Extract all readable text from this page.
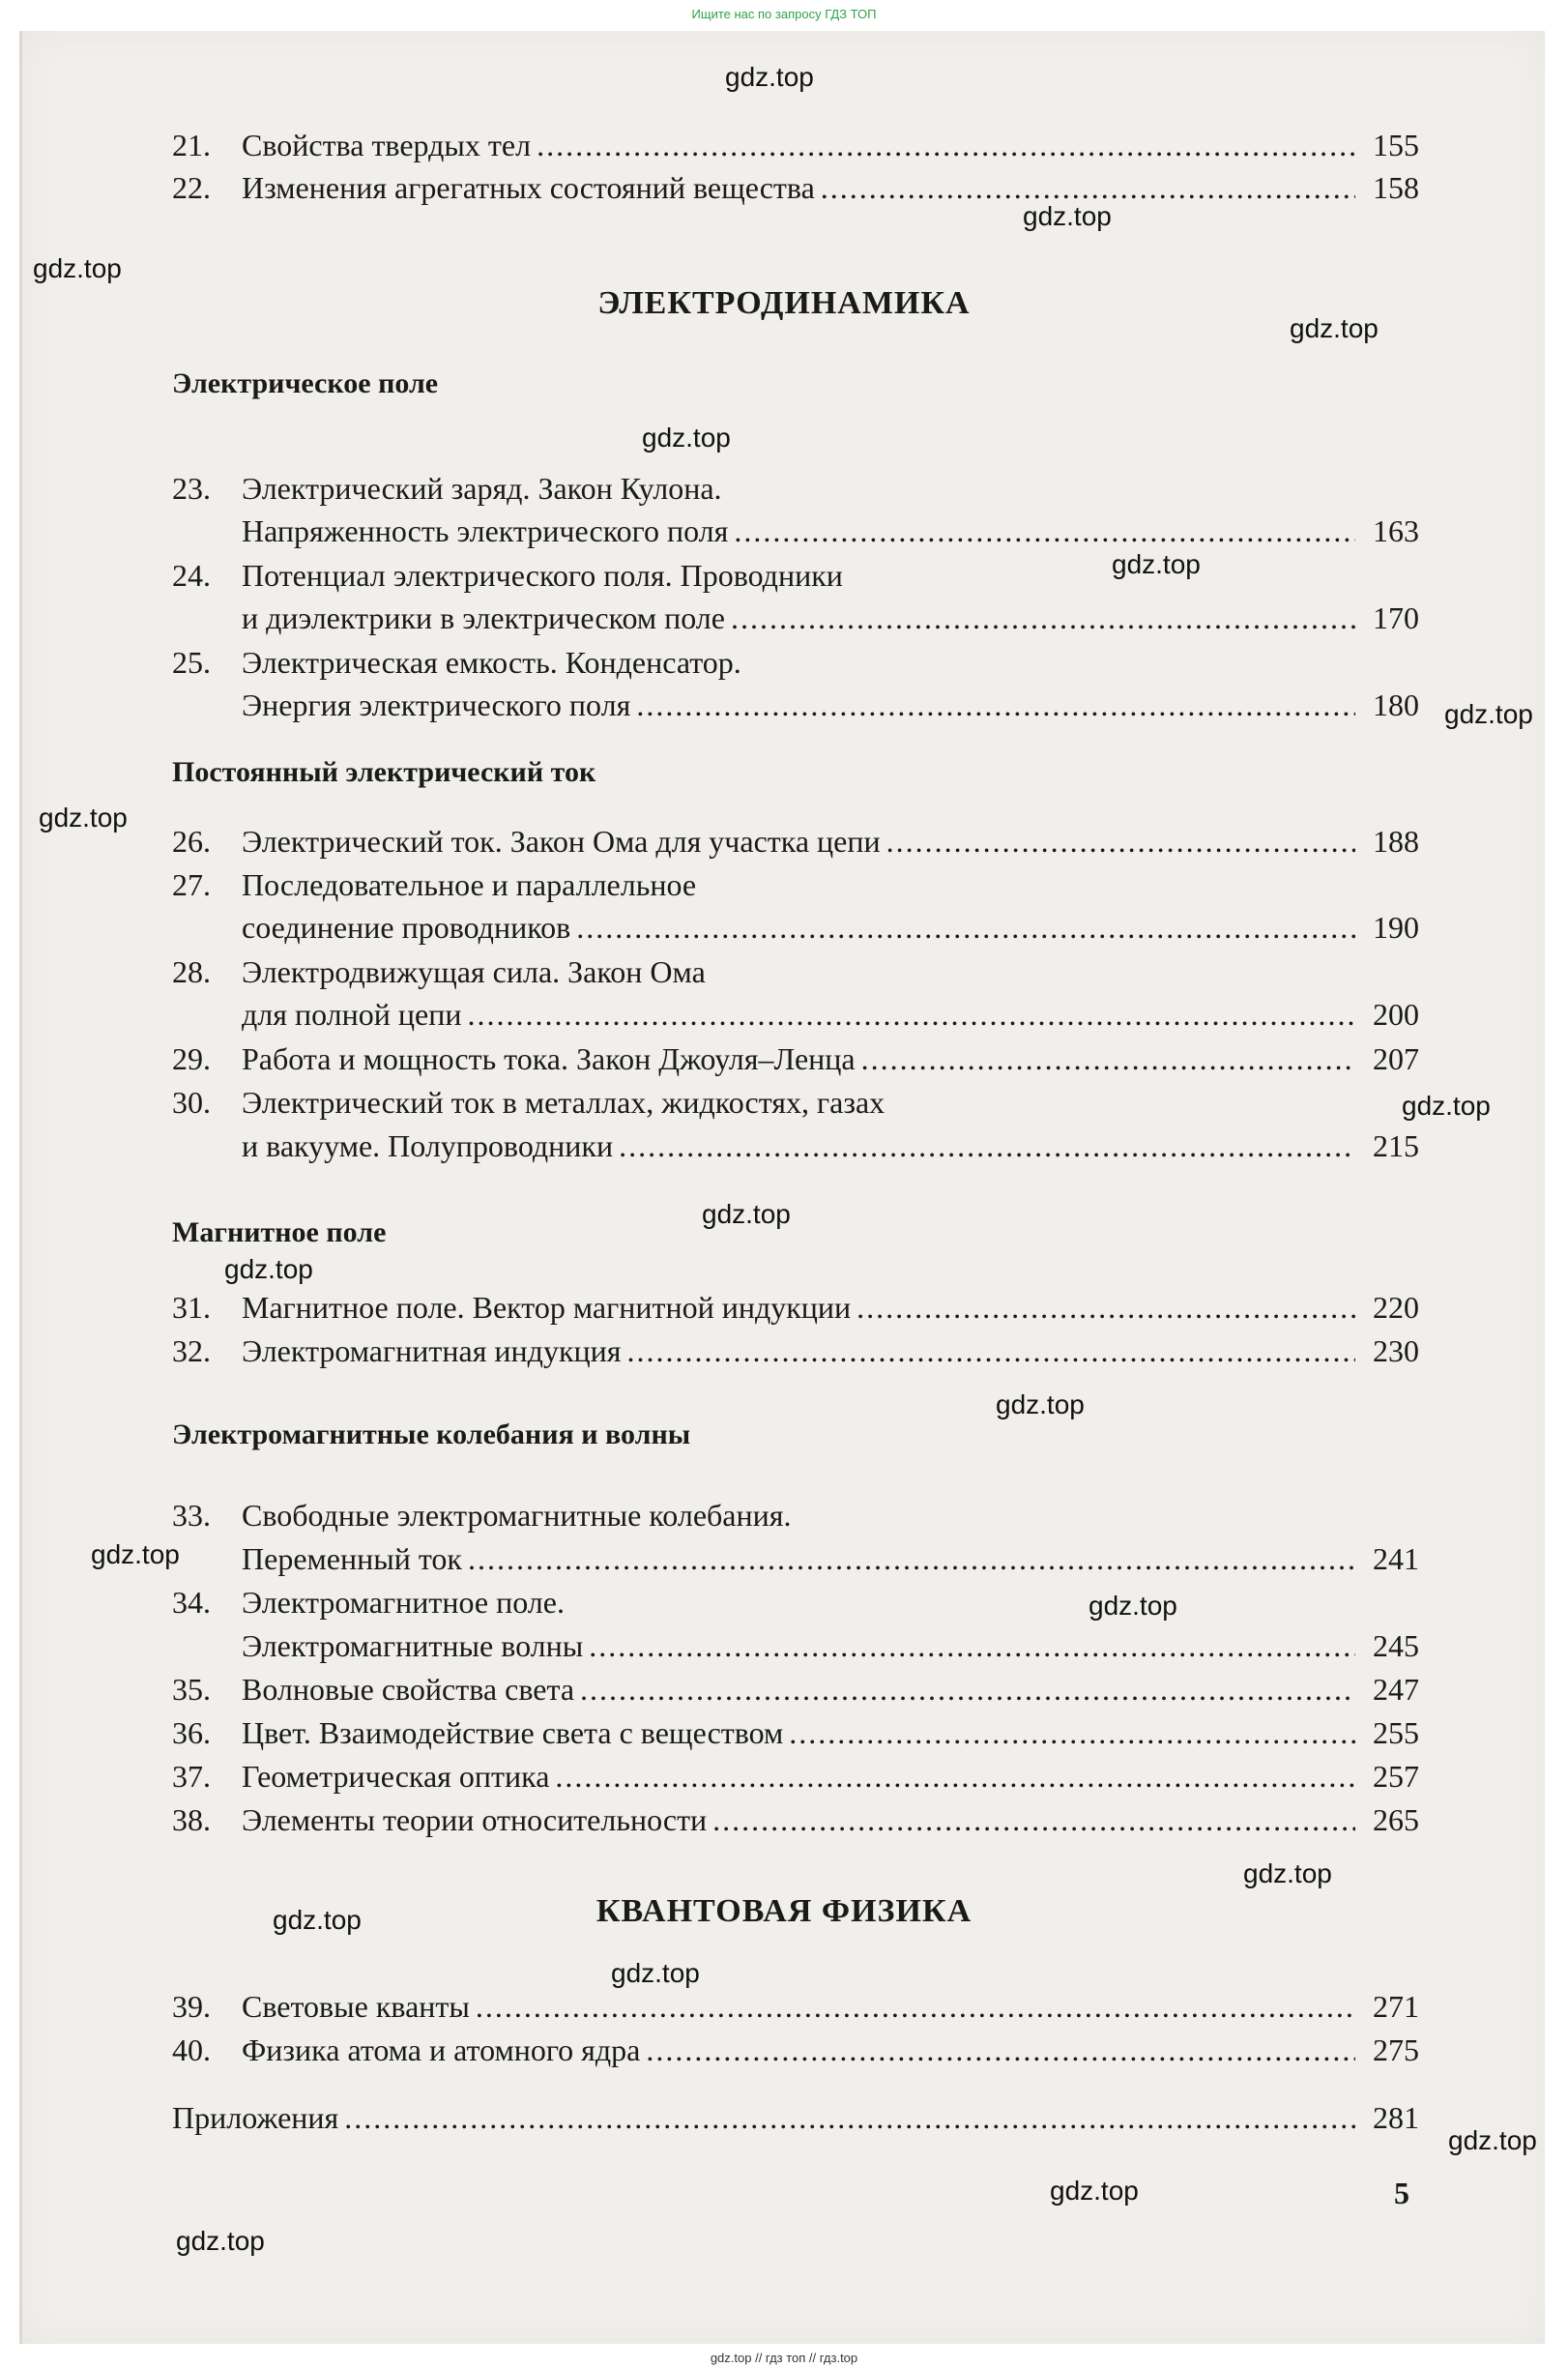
Ищите нас по запросу ГДЗ ТОП
21.	Свойства твердых тел .....	155
22.	Изменения агрегатных состояний вещества .....	158
ЭЛЕКТРОДИНАМИКА
Электрическое поле
23.	Электрический заряд. Закон Кулона.
Напряженность электрического поля .....	163
24.	Потенциал электрического поля. Проводники
и диэлектрики в электрическом поле .....	170
25.	Электрическая емкость. Конденсатор.
Энергия электрического поля .....	180
Постоянный электрический ток
26.	Электрический ток. Закон Ома для участка цепи .....	188
27.	Последовательное и параллельное
соединение проводников .....	190
28.	Электродвижущая сила. Закон Ома
для полной цепи .....	200
29.	Работа и мощность тока. Закон Джоуля–Ленца .....	207
30.	Электрический ток в металлах, жидкостях, газах
и вакууме. Полупроводники .....	215
Магнитное поле
31.	Магнитное поле. Вектор магнитной индукции .....	220
32.	Электромагнитная индукция .....	230
Электромагнитные колебания и волны
33.	Свободные электромагнитные колебания.
Переменный ток .....	241
34.	Электромагнитное поле.
Электромагнитные волны .....	245
35.	Волновые свойства света .....	247
36.	Цвет. Взаимодействие света с веществом .....	255
37.	Геометрическая оптика .....	257
38.	Элементы теории относительности .....	265
КВАНТОВАЯ ФИЗИКА
39.	Световые кванты .....	271
40.	Физика атома и атомного ядра .....	275
Приложения .....	281
5
gdz.top
gdz.top
gdz.top
gdz.top
gdz.top
gdz.top
gdz.top
gdz.top
gdz.top
gdz.top
gdz.top
gdz.top
gdz.top
gdz.top
gdz.top
gdz.top
gdz.top
gdz.top
gdz.top
gdz.top
gdz.top // гдз топ // гдз.top
